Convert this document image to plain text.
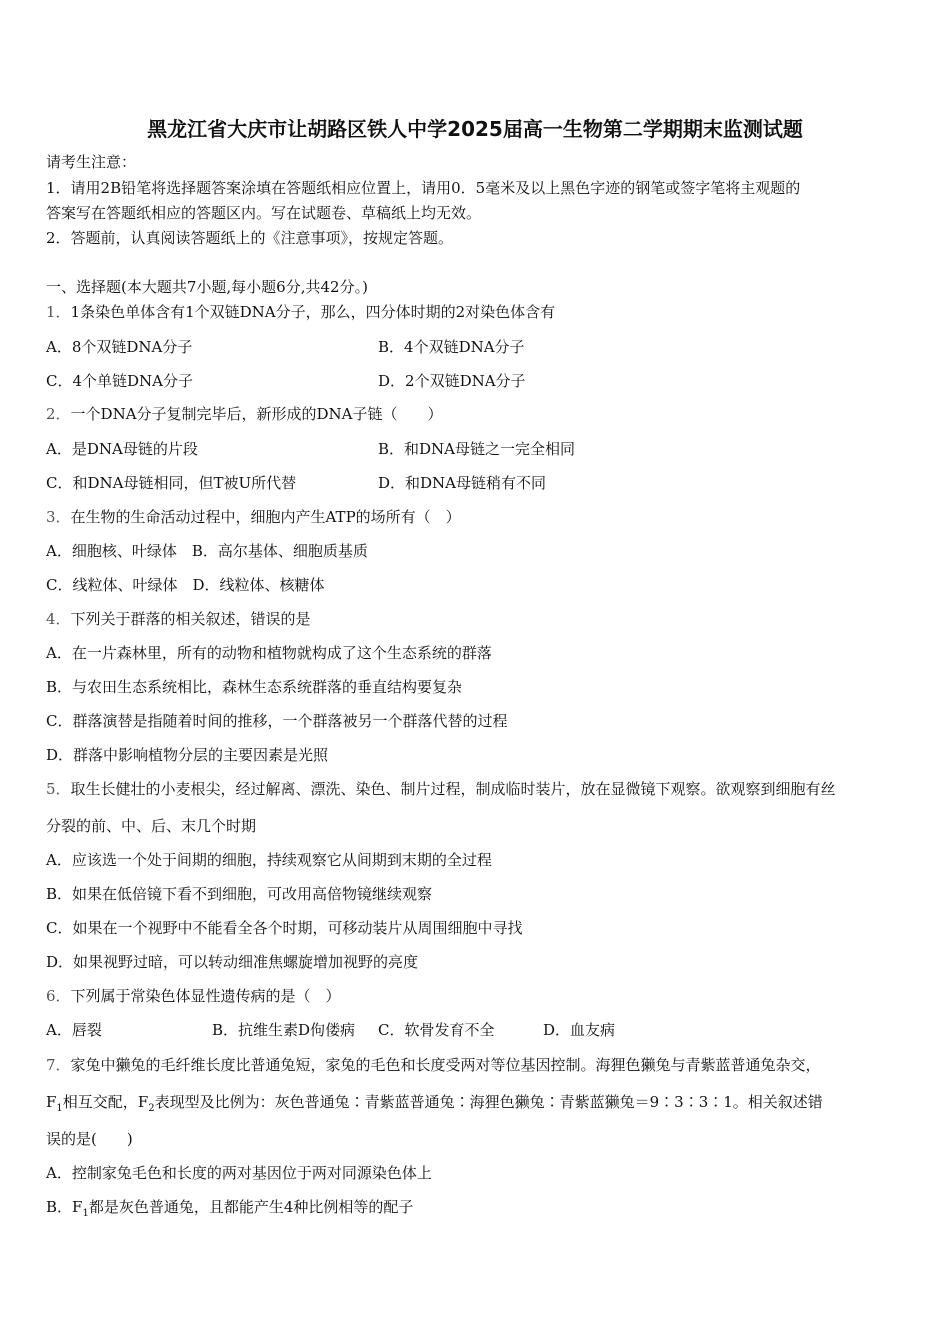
黑龙江省大庆市让胡路区铁人中学2025届高一生物第二学期期末监测试题
请考生注意：
1．请用2B铅笔将选择题答案涂填在答题纸相应位置上，请用0．5毫米及以上黑色字迹的钢笔或签字笔将主观题的
答案写在答题纸相应的答题区内。写在试题卷、草稿纸上均无效。
2．答题前，认真阅读答题纸上的《注意事项》，按规定答题。
一、选择题(本大题共7小题,每小题6分,共42分。)
1．1条染色单体含有1个双链DNA分子，那么，四分体时期的2对染色体含有
A．8个双链DNA分子	B．4个双链DNA分子
C．4个单链DNA分子	D．2个双链DNA分子
2．一个DNA分子复制完毕后，新形成的DNA子链（　　）
A．是DNA母链的片段	B．和DNA母链之一完全相同
C．和DNA母链相同，但T被U所代替	D．和DNA母链稍有不同
3．在生物的生命活动过程中，细胞内产生ATP的场所有（　）
A．细胞核、叶绿体　B．高尔基体、细胞质基质
C．线粒体、叶绿体　D．线粒体、核糖体
4．下列关于群落的相关叙述，错误的是
A．在一片森林里，所有的动物和植物就构成了这个生态系统的群落
B．与农田生态系统相比，森林生态系统群落的垂直结构要复杂
C．群落演替是指随着时间的推移，一个群落被另一个群落代替的过程
D．群落中影响植物分层的主要因素是光照
5．取生长健壮的小麦根尖，经过解离、漂洗、染色、制片过程，制成临时装片，放在显微镜下观察。欲观察到细胞有丝
分裂的前、中、后、末几个时期
A．应该选一个处于间期的细胞，持续观察它从间期到末期的全过程
B．如果在低倍镜下看不到细胞，可改用高倍物镜继续观察
C．如果在一个视野中不能看全各个时期，可移动装片从周围细胞中寻找
D．如果视野过暗，可以转动细准焦螺旋增加视野的亮度
6．下列属于常染色体显性遗传病的是（　）
A．唇裂	B．抗维生素D佝偻病 C．软骨发育不全	D．血友病
7．家兔中獭兔的毛纤维长度比普通兔短，家兔的毛色和长度受两对等位基因控制。海狸色獭兔与青紫蓝普通兔杂交，
$F_1$相互交配，$F_2$表现型及比例为：灰色普通兔∶青紫蓝普通兔∶海狸色獭兔∶青紫蓝獭兔＝9∶3∶3∶1。相关叙述错
误的是(　　)
A．控制家兔毛色和长度的两对基因位于两对同源染色体上
B．$F_1$都是灰色普通兔，且都能产生4种比例相等的配子
